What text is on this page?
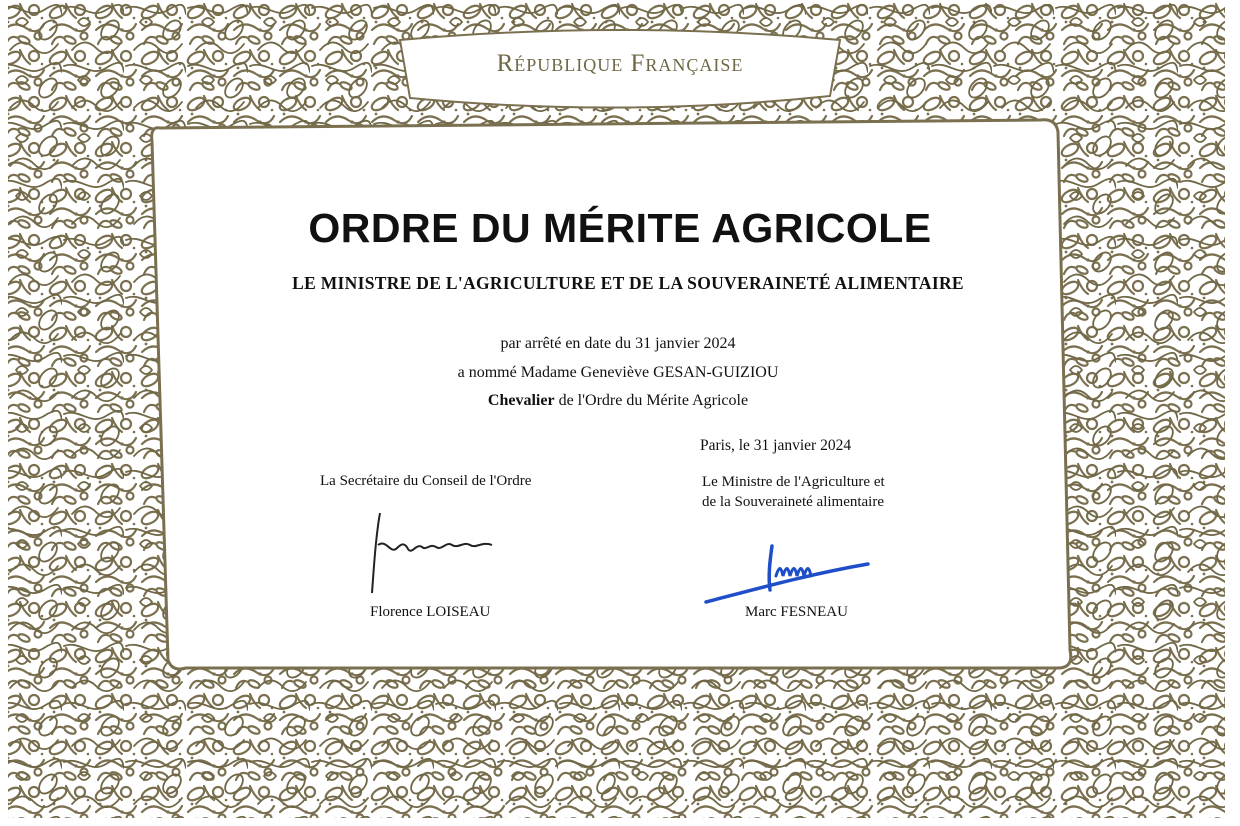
République Française
ORDRE DU MÉRITE AGRICOLE
LE MINISTRE DE L'AGRICULTURE ET DE LA SOUVERAINETÉ ALIMENTAIRE
par arrêté en date du 31 janvier 2024
a nommé Madame Geneviève GESAN-GUIZIOU
Chevalier de l'Ordre du Mérite Agricole
Paris, le 31 janvier 2024
La Secrétaire du Conseil de l'Ordre	Le Ministre de l'Agriculture et
de la Souveraineté alimentaire
Florence LOISEAU	Marc FESNEAU
